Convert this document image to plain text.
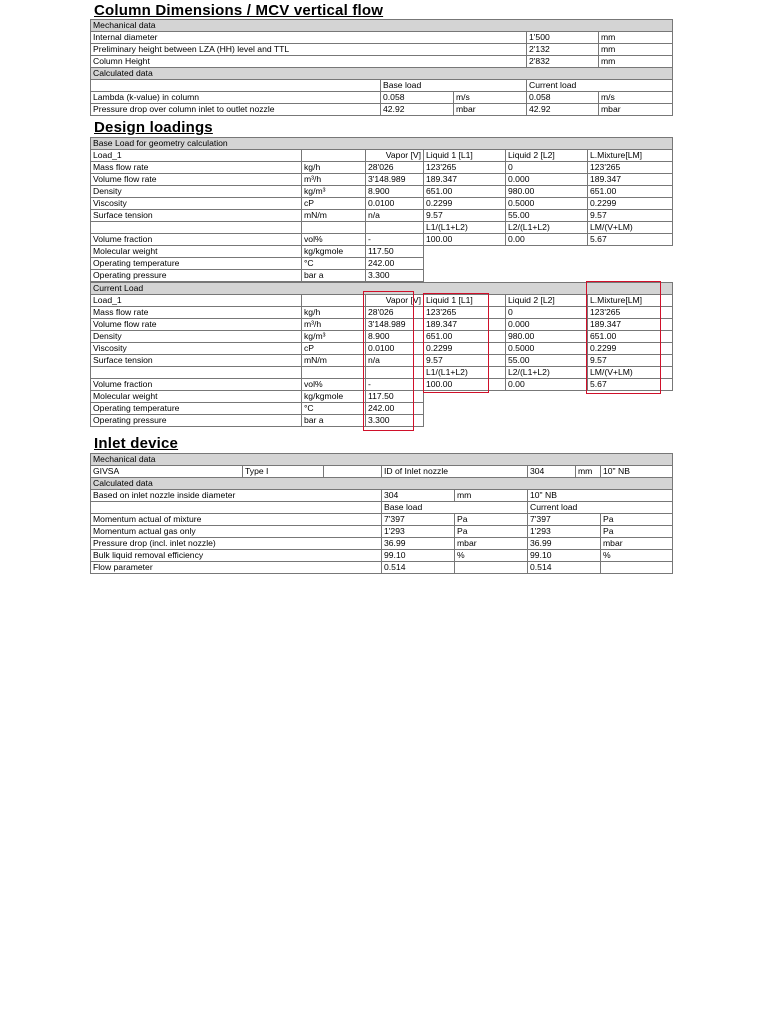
Column Dimensions / MCV vertical flow
Mechanical data		
Internal diameter	1'500	mm
Preliminary height between LZA (HH) level and TTL	2'132	mm
Column Height	2'832	mm
Calculated data				
	Base load		Current load	
Lambda (k-value) in column	0.058	m/s	0.058	m/s
Pressure drop over column inlet to outlet nozzle	42.92	mbar	42.92	mbar
Design loadings
Base Load for geometry calculation					
Load_1		Vapor [V]	Liquid 1 [L1]	Liquid 2 [L2]	L.Mixture[LM]
Mass flow rate	kg/h	28'026	123'265	0	123'265
Volume flow rate	m³/h	3'148.989	189.347	0.000	189.347
Density	kg/m³	8.900	651.00	980.00	651.00
Viscosity	cP	0.0100	0.2299	0.5000	0.2299
Surface tension	mN/m	n/a	9.57	55.00	9.57
			L1/(L1+L2)	L2/(L1+L2)	LM/(V+LM)
Volume fraction	vol%	-	100.00	0.00	5.67
Molecular weight	kg/kgmole	117.50			
Operating temperature	°C	242.00			
Operating pressure	bar a	3.300			
Current Load					
Load_1		Vapor [V]	Liquid 1 [L1]	Liquid 2 [L2]	L.Mixture[LM]
Mass flow rate	kg/h	28'026	123'265	0	123'265
Volume flow rate	m³/h	3'148.989	189.347	0.000	189.347
Density	kg/m³	8.900	651.00	980.00	651.00
Viscosity	cP	0.0100	0.2299	0.5000	0.2299
Surface tension	mN/m	n/a	9.57	55.00	9.57
			L1/(L1+L2)	L2/(L1+L2)	LM/(V+LM)
Volume fraction	vol%	-	100.00	0.00	5.67
Molecular weight	kg/kgmole	117.50			
Operating temperature	°C	242.00			
Operating pressure	bar a	3.300			
Inlet device
Mechanical data							
GIVSA	Type I		ID of Inlet nozzle		304	mm	10" NB
Calculated data							
Based on inlet nozzle inside diameter			304	mm	10" NB		
			Base load		Current load		
Momentum actual of mixture			7'397	Pa	7'397		Pa
Momentum actual gas only			1'293	Pa	1'293		Pa
Pressure drop (incl. inlet nozzle)			36.99	mbar	36.99		mbar
Bulk liquid removal efficiency			99.10	%	99.10		%
Flow parameter			0.514		0.514		
